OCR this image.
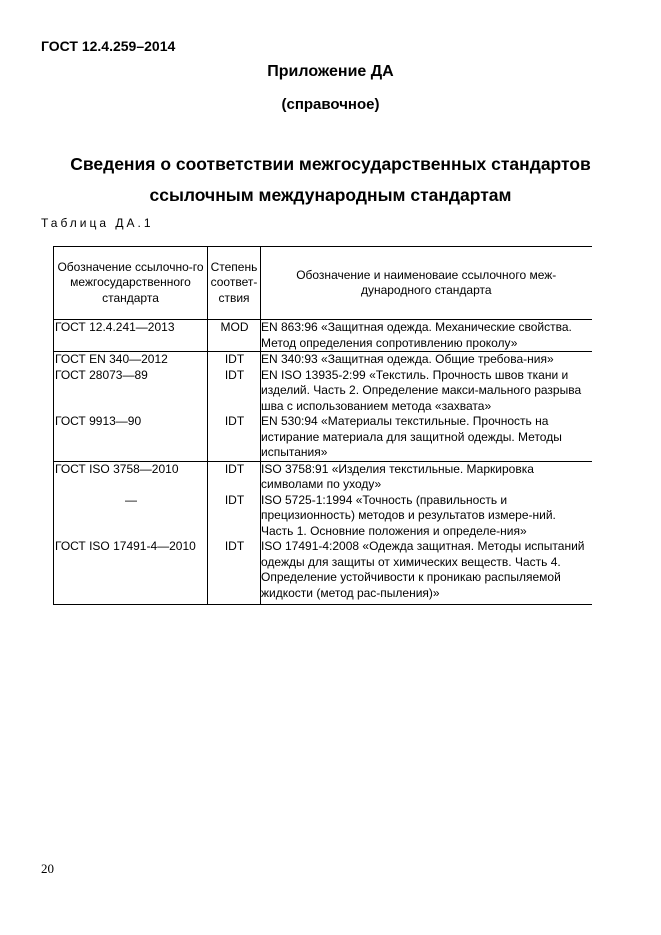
ГОСТ 12.4.259–2014
Приложение ДА
(справочное)
Сведения о соответствии межгосударственных стандартов
ссылочным международным стандартам
Таблица ДА.1
Обозначение ссылочно-го межгосударственного стандарта	Степень соответ-ствия	Обозначение и наименоваие ссылочного меж-дународного стандарта
ГОСТ 12.4.241—2013	MOD	EN 863:96 «Защитная одежда. Механические свойства. Метод определения сопротивлению проколу»
ГОСТ EN 340—2012	IDT	EN 340:93 «Защитная одежда. Общие требова-ния»
ГОСТ 28073—89	IDT	EN ISO 13935-2:99 «Текстиль. Прочность швов ткани и изделий. Часть 2. Определение макси-мального разрыва шва с использованием метода «захвата»
ГОСТ 9913—90	IDT	EN 530:94 «Материалы текстильные. Прочность на истирание материала для защитной одежды. Методы испытания»
ГОСТ ISO 3758—2010	IDT	ISO 3758:91 «Изделия текстильные. Маркировка символами по уходу»
—	IDT	ISO 5725-1:1994 «Точность (правильность и прецизионность) методов и результатов измере-ний. Часть 1. Основние положения и определе-ния»
ГОСТ ISO 17491-4—2010	IDT	ISO 17491-4:2008 «Одежда защитная. Методы испытаний одежды для защиты от химических веществ. Часть 4. Определение устойчивости к проникаю распыляемой жидкости (метод рас-пыления)»
20
